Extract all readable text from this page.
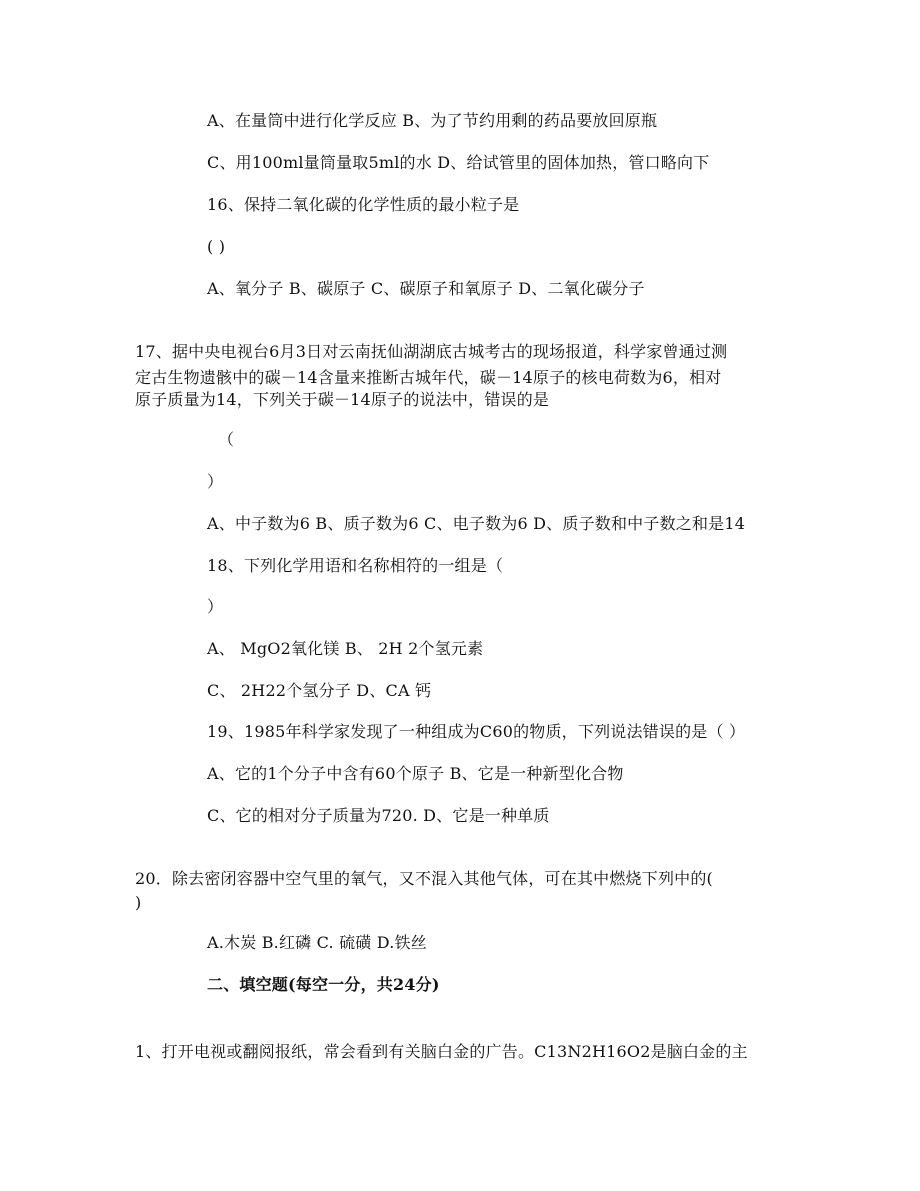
A、在量筒中进行化学反应 B、为了节约用剩的药品要放回原瓶
C、用100ml量筒量取5ml的水 D、给试管里的固体加热，管口略向下
16、保持二氧化碳的化学性质的最小粒子是
( )
A、氧分子 B、碳原子 C、碳原子和氧原子 D、二氧化碳分子
17、据中央电视台6月3日对云南抚仙湖湖底古城考古的现场报道，科学家曾通过测
定古生物遗骸中的碳－14含量来推断古城年代，碳－14原子的核电荷数为6，相对
原子质量为14，下列关于碳－14原子的说法中，错误的是
（
）
A、中子数为6 B、质子数为6 C、电子数为6 D、质子数和中子数之和是14
18、下列化学用语和名称相符的一组是（
）
A、 MgO2氧化镁 B、 2H 2个氢元素
C、 2H22个氢分子 D、CA 钙
19、1985年科学家发现了一种组成为C60的物质，下列说法错误的是（ ）
A、它的1个分子中含有60个原子 B、它是一种新型化合物
C、它的相对分子质量为720. D、它是一种单质
20．除去密闭容器中空气里的氧气，又不混入其他气体，可在其中燃烧下列中的(
)
A.木炭 B.红磷 C. 硫磺 D.铁丝
二、填空题(每空一分，共24分)
1、打开电视或翻阅报纸，常会看到有关脑白金的广告。C13N2H16O2是脑白金的主
